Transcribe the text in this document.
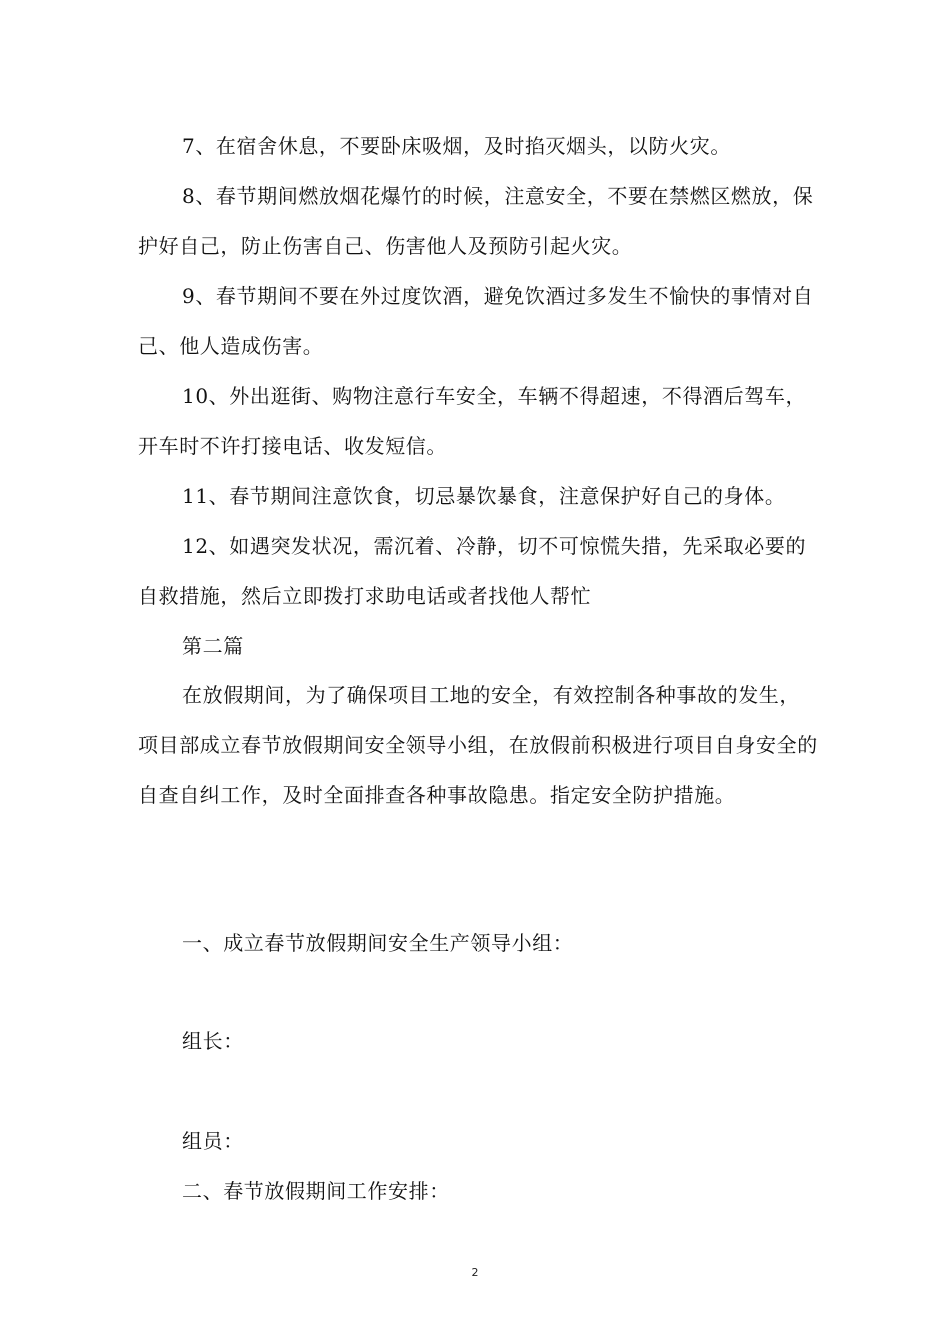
7、在宿舍休息，不要卧床吸烟，及时掐灭烟头，以防火灾。

8、春节期间燃放烟花爆竹的时候，注意安全，不要在禁燃区燃放，保护好自己，防止伤害自己、伤害他人及预防引起火灾。

9、春节期间不要在外过度饮酒，避免饮酒过多发生不愉快的事情对自己、他人造成伤害。

10、外出逛街、购物注意行车安全，车辆不得超速，不得酒后驾车，开车时不许打接电话、收发短信。

11、春节期间注意饮食，切忌暴饮暴食，注意保护好自己的身体。

12、如遇突发状况，需沉着、冷静，切不可惊慌失措，先采取必要的自救措施，然后立即拨打求助电话或者找他人帮忙

第二篇

在放假期间，为了确保项目工地的安全，有效控制各种事故的发生，项目部成立春节放假期间安全领导小组，在放假前积极进行项目自身安全的自查自纠工作，及时全面排查各种事故隐患。指定安全防护措施。

一、成立春节放假期间安全生产领导小组：

组长：

组员：

二、春节放假期间工作安排：

2
